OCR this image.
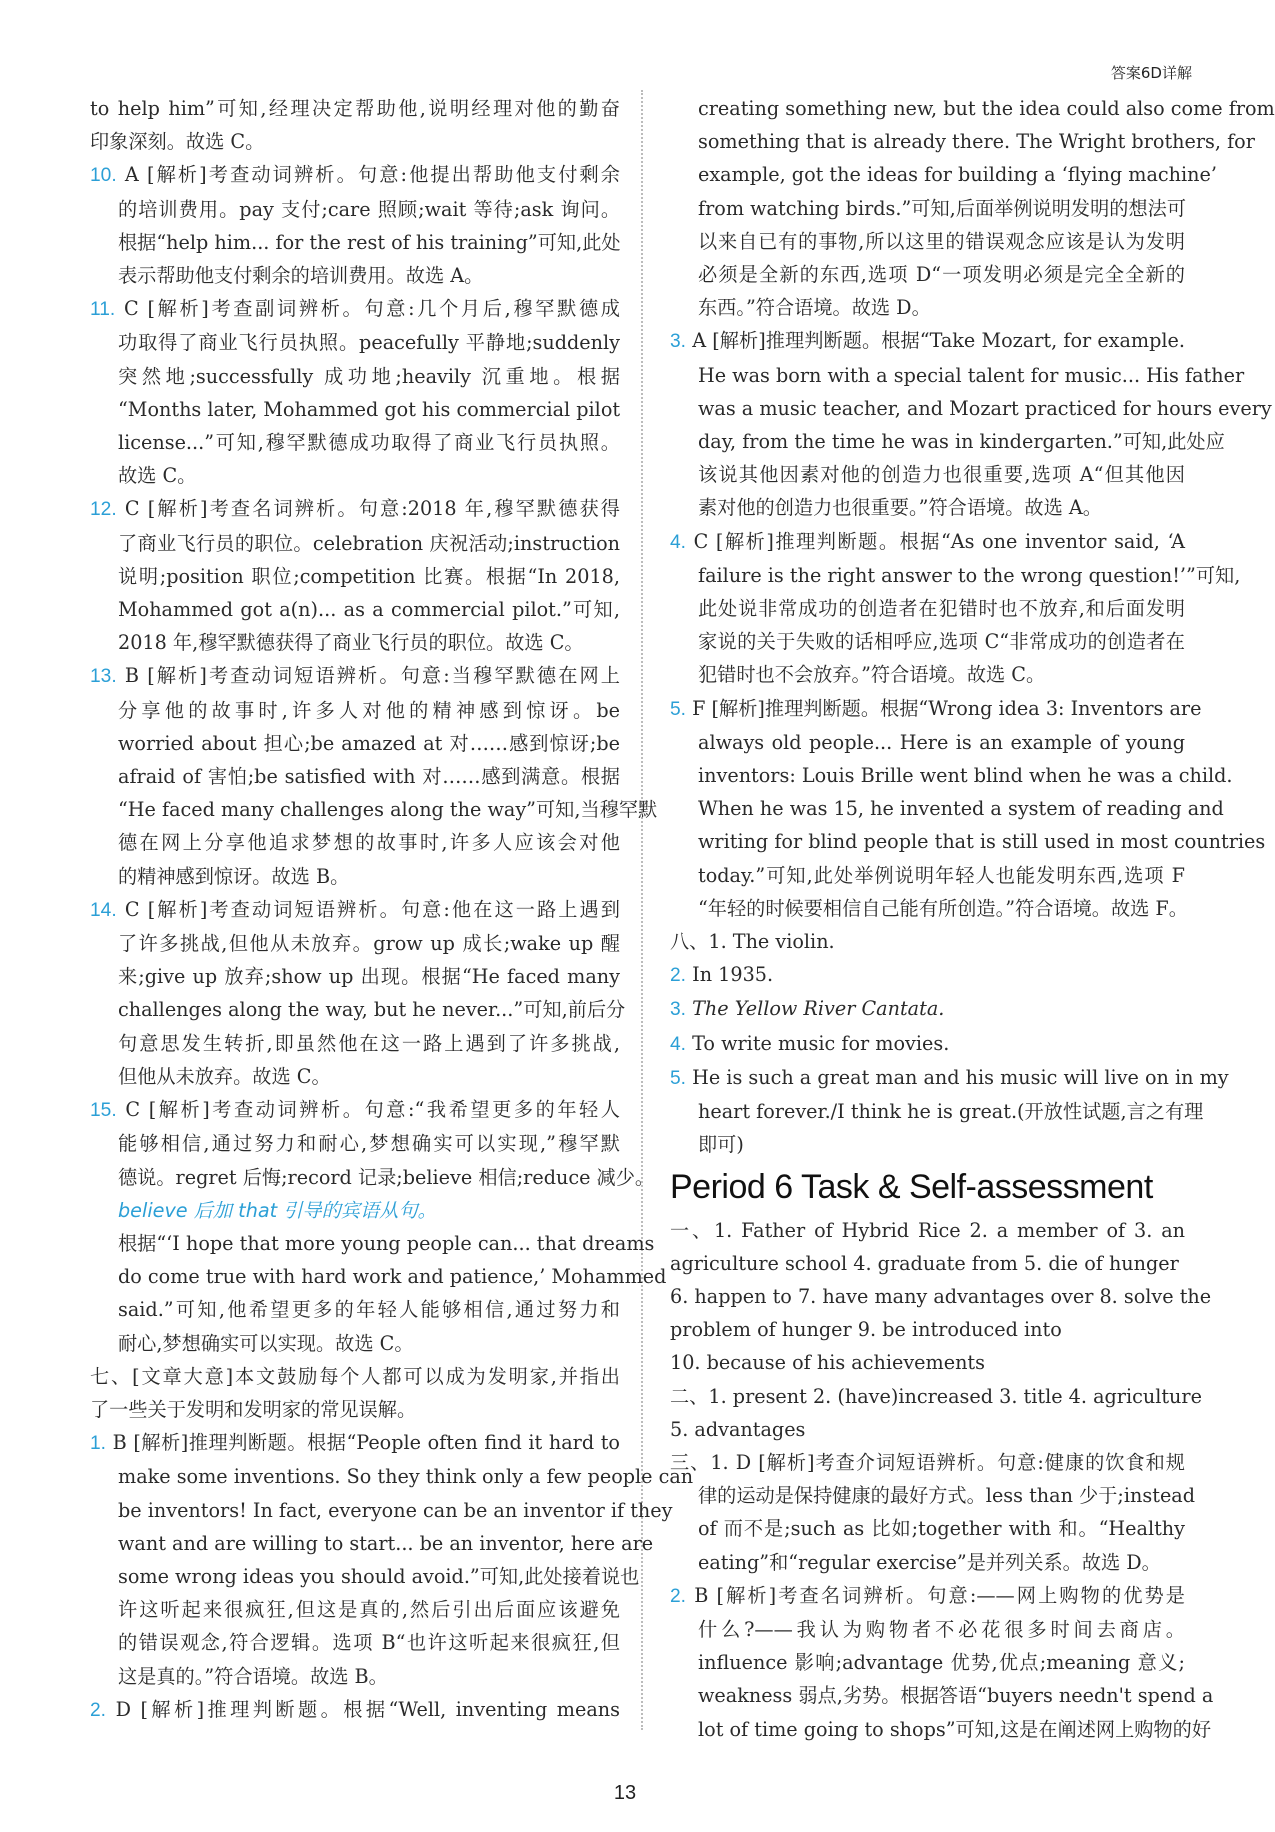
答案6D详解

to help him”可知,经理决定帮助他,说明经理对他的勤奋

印象深刻。故选 C。

10. A [解析]考查动词辨析。句意:他提出帮助他支付剩余

的培训费用。pay 支付;care 照顾;wait 等待;ask 询问。

根据“help him... for the rest of his training”可知,此处

表示帮助他支付剩余的培训费用。故选 A。

11. C [解析]考查副词辨析。句意:几个月后,穆罕默德成

功取得了商业飞行员执照。peacefully 平静地;suddenly

突然地;successfully 成功地;heavily 沉重地。根据

“Months later, Mohammed got his commercial pilot

license...”可知,穆罕默德成功取得了商业飞行员执照。

故选 C。

12. C [解析]考查名词辨析。句意:2018 年,穆罕默德获得

了商业飞行员的职位。celebration 庆祝活动;instruction

说明;position 职位;competition 比赛。根据“In 2018,

Mohammed got a(n)... as a commercial pilot.”可知,

2018 年,穆罕默德获得了商业飞行员的职位。故选 C。

13. B [解析]考查动词短语辨析。句意:当穆罕默德在网上

分享他的故事时,许多人对他的精神感到惊讶。be

worried about 担心;be amazed at 对……感到惊讶;be

afraid of 害怕;be satisfied with 对……感到满意。根据

“He faced many challenges along the way”可知,当穆罕默

德在网上分享他追求梦想的故事时,许多人应该会对他

的精神感到惊讶。故选 B。

14. C [解析]考查动词短语辨析。句意:他在这一路上遇到

了许多挑战,但他从未放弃。grow up 成长;wake up 醒

来;give up 放弃;show up 出现。根据“He faced many

challenges along the way, but he never...”可知,前后分

句意思发生转折,即虽然他在这一路上遇到了许多挑战,

但他从未放弃。故选 C。

15. C [解析]考查动词辨析。句意:“我希望更多的年轻人

能够相信,通过努力和耐心,梦想确实可以实现,”穆罕默

德说。regret 后悔;record 记录;believe 相信;reduce 减少。

believe 后加 that 引导的宾语从句。

根据“‘I hope that more young people can... that dreams

do come true with hard work and patience,’ Mohammed

said.”可知,他希望更多的年轻人能够相信,通过努力和

耐心,梦想确实可以实现。故选 C。

七、[文章大意]本文鼓励每个人都可以成为发明家,并指出

了一些关于发明和发明家的常见误解。

1. B [解析]推理判断题。根据“People often find it hard to

make some inventions. So they think only a few people can

be inventors! In fact, everyone can be an inventor if they

want and are willing to start... be an inventor, here are

some wrong ideas you should avoid.”可知,此处接着说也

许这听起来很疯狂,但这是真的,然后引出后面应该避免

的错误观念,符合逻辑。选项 B“也许这听起来很疯狂,但

这是真的。”符合语境。故选 B。

2. D [解析]推理判断题。根据“Well, inventing means

creating something new, but the idea could also come from

something that is already there. The Wright brothers, for

example, got the ideas for building a ‘flying machine’

from watching birds.”可知,后面举例说明发明的想法可

以来自已有的事物,所以这里的错误观念应该是认为发明

必须是全新的东西,选项 D“一项发明必须是完全全新的

东西。”符合语境。故选 D。

3. A [解析]推理判断题。根据“Take Mozart, for example.

He was born with a special talent for music... His father

was a music teacher, and Mozart practiced for hours every

day, from the time he was in kindergarten.”可知,此处应

该说其他因素对他的创造力也很重要,选项 A“但其他因

素对他的创造力也很重要。”符合语境。故选 A。

4. C [解析]推理判断题。根据“As one inventor said, ‘A

failure is the right answer to the wrong question!’”可知,

此处说非常成功的创造者在犯错时也不放弃,和后面发明

家说的关于失败的话相呼应,选项 C“非常成功的创造者在

犯错时也不会放弃。”符合语境。故选 C。

5. F [解析]推理判断题。根据“Wrong idea 3: Inventors are

always old people... Here is an example of young

inventors: Louis Brille went blind when he was a child.

When he was 15, he invented a system of reading and

writing for blind people that is still used in most countries

today.”可知,此处举例说明年轻人也能发明东西,选项 F

“年轻的时候要相信自己能有所创造。”符合语境。故选 F。

八、1. The violin.

2. In 1935.

3. The Yellow River Cantata.

4. To write music for movies.

5. He is such a great man and his music will live on in my

heart forever./I think he is great.(开放性试题,言之有理

即可)

Period 6 Task & Self-assessment

一、1. Father of Hybrid Rice 2. a member of 3. an

agriculture school 4. graduate from 5. die of hunger

6. happen to 7. have many advantages over 8. solve the

problem of hunger 9. be introduced into

10. because of his achievements

二、1. present 2. (have)increased 3. title 4. agriculture

5. advantages

三、1. D [解析]考查介词短语辨析。句意:健康的饮食和规

律的运动是保持健康的最好方式。less than 少于;instead

of 而不是;such as 比如;together with 和。“Healthy

eating”和“regular exercise”是并列关系。故选 D。

2. B [解析]考查名词辨析。句意:——网上购物的优势是

什么?——我认为购物者不必花很多时间去商店。

influence 影响;advantage 优势,优点;meaning 意义;

weakness 弱点,劣势。根据答语“buyers needn't spend a

lot of time going to shops”可知,这是在阐述网上购物的好

13
